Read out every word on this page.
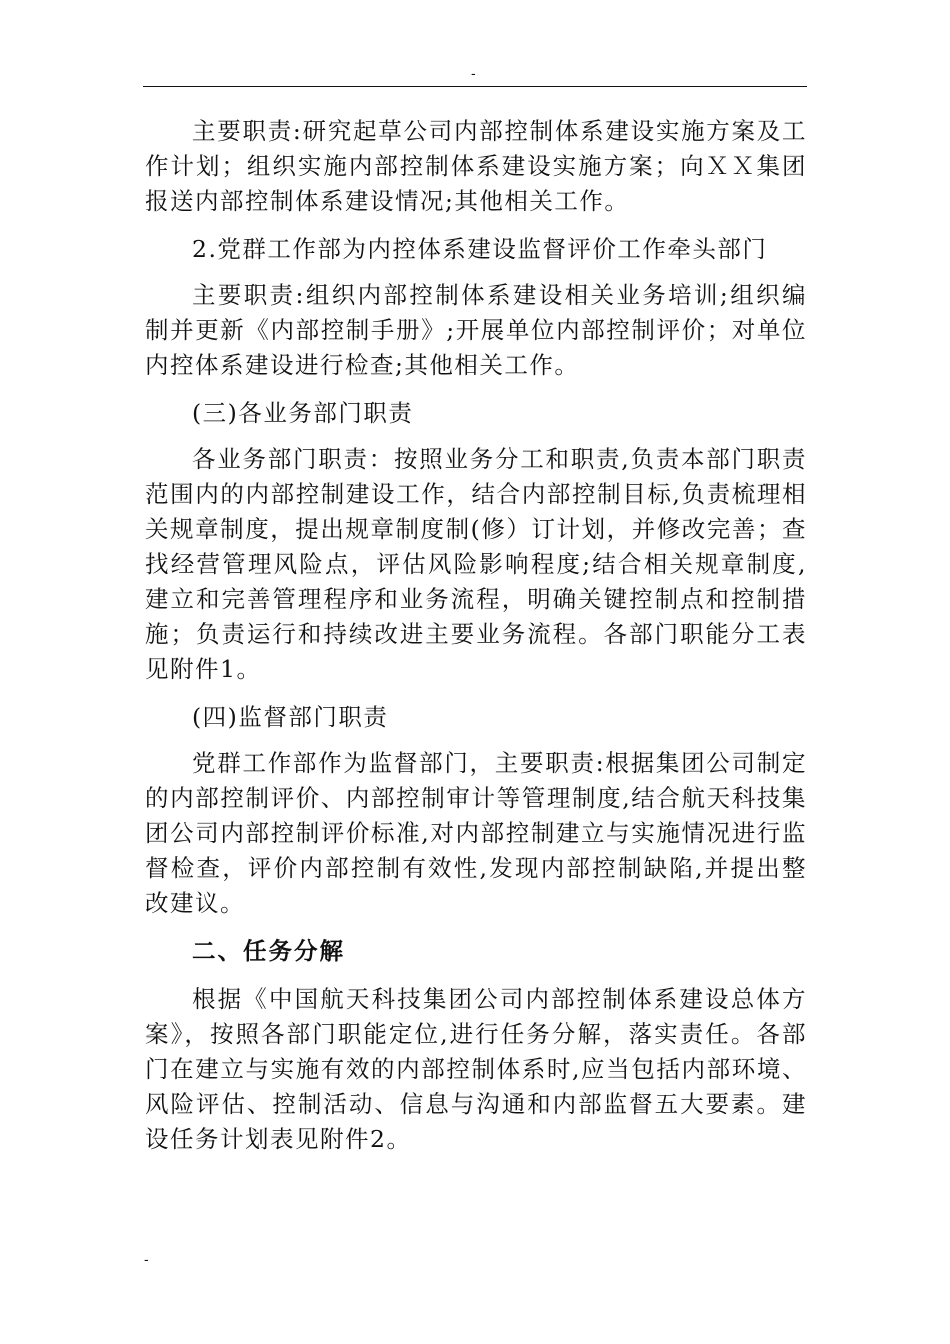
-

主要职责:研究起草公司内部控制体系建设实施方案及工作计划；组织实施内部控制体系建设实施方案；向ＸＸ集团报送内部控制体系建设情况;其他相关工作。

2.党群工作部为内控体系建设监督评价工作牵头部门

主要职责:组织内部控制体系建设相关业务培训;组织编制并更新《内部控制手册》;开展单位内部控制评价；对单位内控体系建设进行检查;其他相关工作。

(三)各业务部门职责

各业务部门职责：按照业务分工和职责,负责本部门职责范围内的内部控制建设工作，结合内部控制目标,负责梳理相关规章制度，提出规章制度制(修）订计划，并修改完善；查找经营管理风险点，评估风险影响程度;结合相关规章制度,建立和完善管理程序和业务流程，明确关键控制点和控制措施；负责运行和持续改进主要业务流程。各部门职能分工表见附件1。

(四)监督部门职责

党群工作部作为监督部门，主要职责:根据集团公司制定的内部控制评价、内部控制审计等管理制度,结合航天科技集团公司内部控制评价标准,对内部控制建立与实施情况进行监督检查，评价内部控制有效性,发现内部控制缺陷,并提出整改建议。

二、任务分解

根据《中国航天科技集团公司内部控制体系建设总体方案》，按照各部门职能定位,进行任务分解，落实责任。各部门在建立与实施有效的内部控制体系时,应当包括内部环境、风险评估、控制活动、信息与沟通和内部监督五大要素。建设任务计划表见附件2。

-
